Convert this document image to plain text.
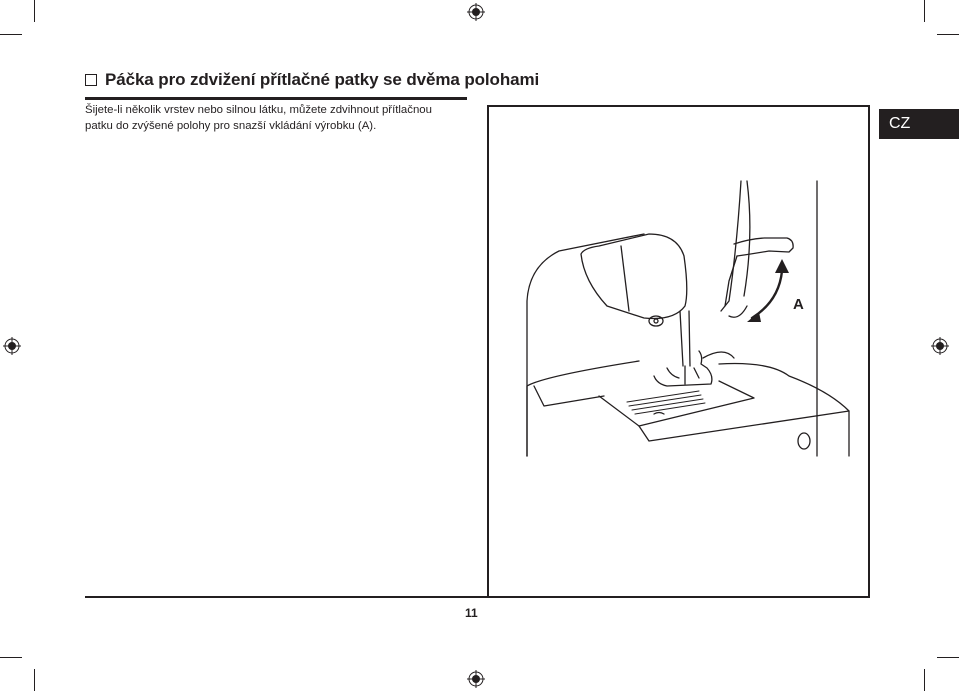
Páčka pro zdvižení přítlačné patky se dvěma polohami

Šijete-li několik vrstev nebo silnou látku, můžete zdvihnout přítlačnou

patku do zvýšené polohy pro snazší vkládání výrobku (A).

A
CZ
11
